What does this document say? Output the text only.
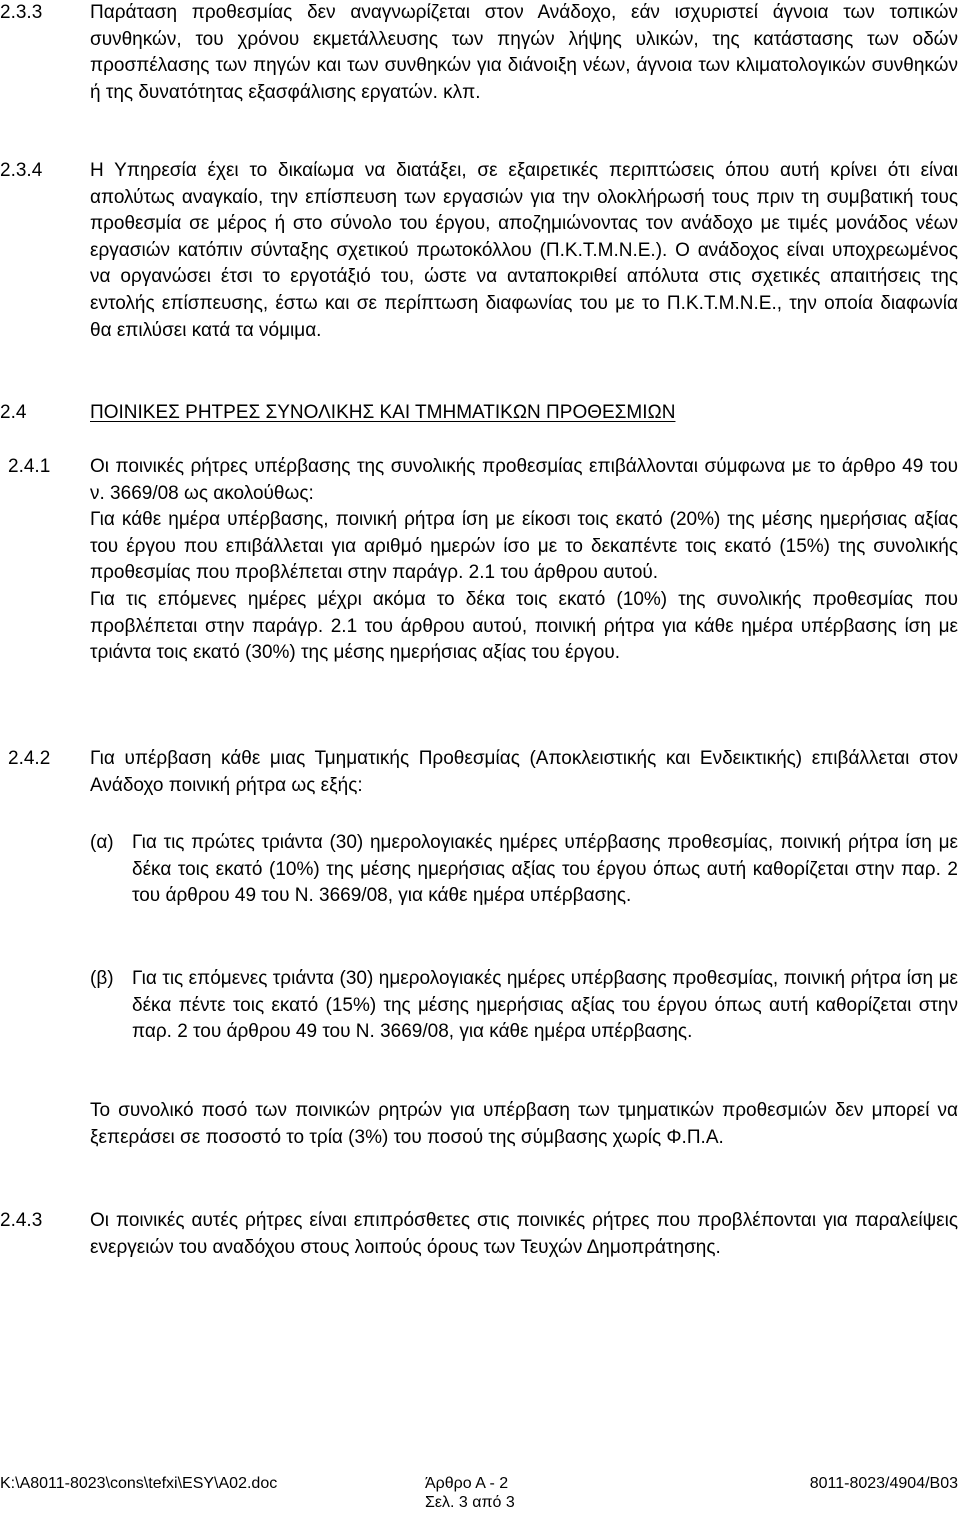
2.3.3	Παράταση προθεσμίας δεν αναγνωρίζεται στον Ανάδοχο, εάν ισχυριστεί άγνοια των τοπικών συνθηκών, του χρόνου εκμετάλλευσης των πηγών λήψης υλικών, της κατάστασης των οδών προσπέλασης των πηγών και των συνθηκών για διάνοιξη νέων, άγνοια των κλιματολογικών συνθηκών ή της δυνατότητας εξασφάλισης εργατών. κλπ.

2.3.4	Η Υπηρεσία έχει το δικαίωμα να διατάξει, σε εξαιρετικές περιπτώσεις όπου αυτή κρίνει ότι είναι απολύτως αναγκαίο, την επίσπευση των εργασιών για την ολοκλήρωσή τους πριν τη συμβατική τους προθεσμία σε μέρος ή στο σύνολο του έργου, αποζημιώνοντας τον ανάδοχο με τιμές μονάδος νέων εργασιών κατόπιν σύνταξης σχετικού πρωτοκόλλου (Π.Κ.Τ.Μ.Ν.Ε.). Ο ανάδοχος είναι υποχρεωμένος να οργανώσει έτσι το εργοτάξιό του, ώστε να ανταποκριθεί απόλυτα στις σχετικές απαιτήσεις της εντολής επίσπευσης, έστω και σε περίπτωση διαφωνίας του με το Π.Κ.Τ.Μ.Ν.Ε., την οποία διαφωνία θα επιλύσει κατά τα νόμιμα.

2.4	ΠΟΙΝΙΚΕΣ ΡΗΤΡΕΣ ΣΥΝΟΛΙΚΗΣ ΚΑΙ ΤΜΗΜΑΤΙΚΩΝ ΠΡΟΘΕΣΜΙΩΝ
2.4.1	Οι ποινικές ρήτρες υπέρβασης της συνολικής προθεσμίας επιβάλλονται σύμφωνα με το άρθρο 49 του ν. 3669/08 ως ακολούθως:

Για κάθε ημέρα υπέρβασης, ποινική ρήτρα ίση με είκοσι τοις εκατό (20%) της μέσης ημερήσιας αξίας του έργου που επιβάλλεται για αριθμό ημερών ίσο με το δεκαπέντε τοις εκατό (15%) της συνολικής προθεσμίας που προβλέπεται στην παράγρ. 2.1 του άρθρου αυτού.

Για τις επόμενες ημέρες μέχρι ακόμα το δέκα τοις εκατό (10%) της συνολικής προθεσμίας που προβλέπεται στην παράγρ. 2.1 του άρθρου αυτού, ποινική ρήτρα για κάθε ημέρα υπέρβασης ίση με τριάντα τοις εκατό (30%) της μέσης ημερήσιας αξίας του έργου.

2.4.2	Για υπέρβαση κάθε μιας Τμηματικής Προθεσμίας (Αποκλειστικής και Ενδεικτικής) επιβάλλεται στον Ανάδοχο ποινική ρήτρα ως εξής:

(α) Για τις πρώτες τριάντα (30) ημερολογιακές ημέρες υπέρβασης προθεσμίας, ποινική ρήτρα ίση με δέκα τοις εκατό (10%) της μέσης ημερήσιας αξίας του έργου όπως αυτή καθορίζεται στην παρ. 2 του άρθρου 49 του Ν. 3669/08, για κάθε ημέρα υπέρβασης.

(β) Για τις επόμενες τριάντα (30) ημερολογιακές ημέρες υπέρβασης προθεσμίας, ποινική ρήτρα ίση με δέκα πέντε τοις εκατό (15%) της μέσης ημερήσιας αξίας του έργου όπως αυτή καθορίζεται στην παρ. 2 του άρθρου 49 του Ν. 3669/08, για κάθε ημέρα υπέρβασης.

Το συνολικό ποσό των ποινικών ρητρών για υπέρβαση των τμηματικών προθεσμιών δεν μπορεί να ξεπεράσει σε ποσοστό το τρία (3%) του ποσού της σύμβασης χωρίς Φ.Π.Α.

2.4.3	Οι ποινικές αυτές ρήτρες είναι επιπρόσθετες στις ποινικές ρήτρες που προβλέπονται για παραλείψεις ενεργειών του αναδόχου στους λοιπούς όρους των Τευχών Δημοπράτησης.

K:\A8011-8023\cons\tefxi\ESY\A02.doc	Άρθρο Α - 2	8011-8023/4904/B03
Σελ. 3 από 3
